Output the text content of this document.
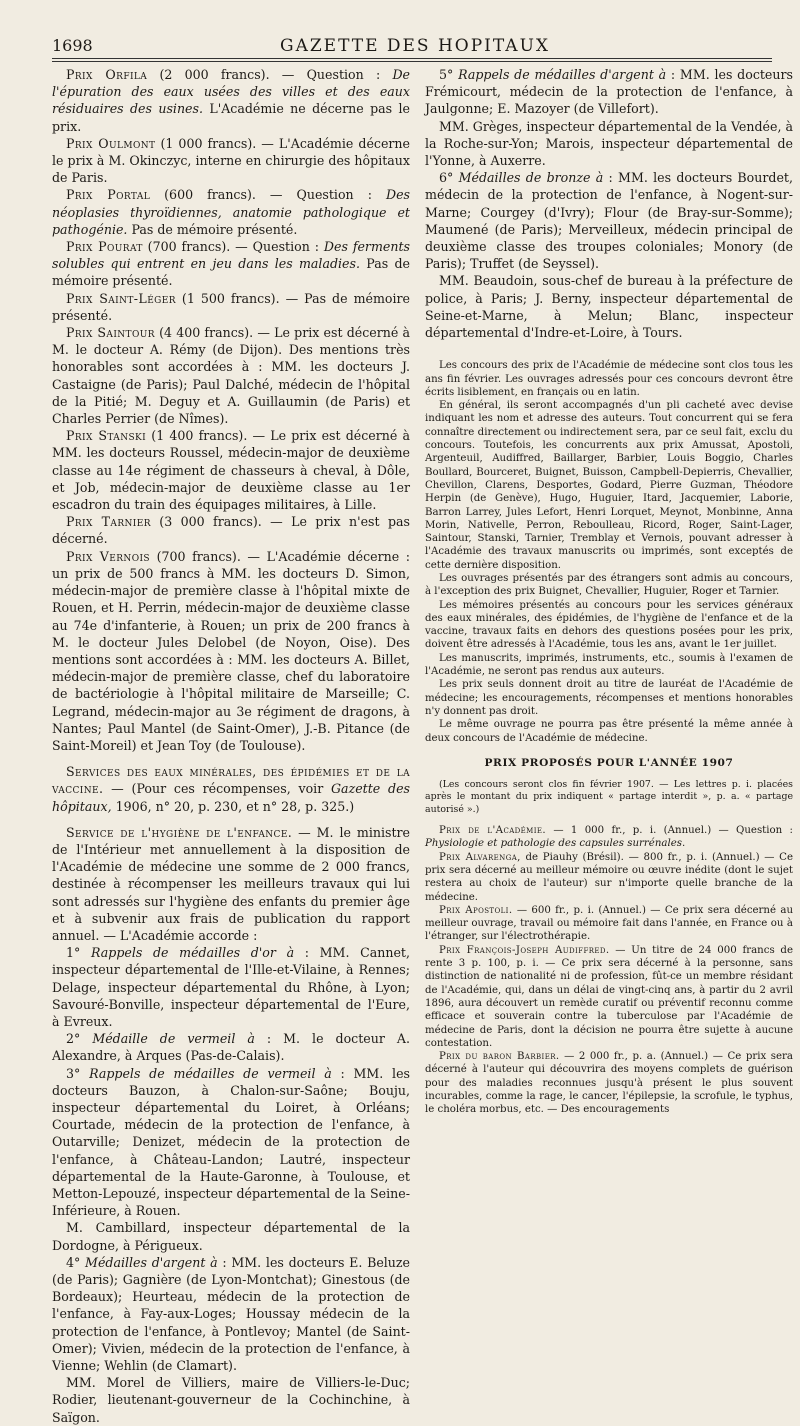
1698	GAZETTE DES HOPITAUX

Prix Orfila (2 000 francs). — Question : De l'épuration des eaux usées des villes et des eaux résiduaires des usines. L'Académie ne décerne pas le prix.

Prix Oulmont (1 000 francs). — L'Académie décerne le prix à M. Okinczyc, interne en chirurgie des hôpitaux de Paris.

Prix Portal (600 francs). — Question : Des néoplasies thyroïdiennes, anatomie pathologique et pathogénie. Pas de mémoire présenté.

Prix Pourat (700 francs). — Question : Des ferments solubles qui entrent en jeu dans les maladies. Pas de mémoire présenté.

Prix Saint-Léger (1 500 francs). — Pas de mémoire présenté.

Prix Saintour (4 400 francs). — Le prix est décerné à M. le docteur A. Rémy (de Dijon). Des mentions très honorables sont accordées à : MM. les docteurs J. Castaigne (de Paris); Paul Dalché, médecin de l'hôpital de la Pitié; M. Deguy et A. Guillaumin (de Paris) et Charles Perrier (de Nîmes).

Prix Stanski (1 400 francs). — Le prix est décerné à MM. les docteurs Roussel, médecin-major de deuxième classe au 14e régiment de chasseurs à cheval, à Dôle, et Job, médecin-major de deuxième classe au 1er escadron du train des équipages militaires, à Lille.

Prix Tarnier (3 000 francs). — Le prix n'est pas décerné.

Prix Vernois (700 francs). — L'Académie décerne : un prix de 500 francs à MM. les docteurs D. Simon, médecin-major de première classe à l'hôpital mixte de Rouen, et H. Perrin, médecin-major de deuxième classe au 74e d'infanterie, à Rouen; un prix de 200 francs à M. le docteur Jules Delobel (de Noyon, Oise). Des mentions sont accordées à : MM. les docteurs A. Billet, médecin-major de première classe, chef du laboratoire de bactériologie à l'hôpital militaire de Marseille; C. Legrand, médecin-major au 3e régiment de dragons, à Nantes; Paul Mantel (de Saint-Omer), J.-B. Pitance (de Saint-Moreil) et Jean Toy (de Toulouse).

Services des eaux minérales, des épidémies et de la vaccine. — (Pour ces récompenses, voir Gazette des hôpitaux, 1906, n° 20, p. 230, et n° 28, p. 325.)

Service de l'hygiène de l'enfance. — M. le ministre de l'Intérieur met annuellement à la disposition de l'Académie de médecine une somme de 2 000 francs, destinée à récompenser les meilleurs travaux qui lui sont adressés sur l'hygiène des enfants du premier âge et à subvenir aux frais de publication du rapport annuel. — L'Académie accorde :

1° Rappels de médailles d'or à : MM. Cannet, inspecteur départemental de l'Ille-et-Vilaine, à Rennes; Delage, inspecteur départemental du Rhône, à Lyon; Savouré-Bonville, inspecteur départemental de l'Eure, à Evreux.

2° Médaille de vermeil à : M. le docteur A. Alexandre, à Arques (Pas-de-Calais).

3° Rappels de médailles de vermeil à : MM. les docteurs Bauzon, à Chalon-sur-Saône; Bouju, inspecteur départemental du Loiret, à Orléans; Courtade, médecin de la protection de l'enfance, à Outarville; Denizet, médecin de la protection de l'enfance, à Château-Landon; Lautré, inspecteur départemental de la Haute-Garonne, à Toulouse, et Metton-Lepouzé, inspecteur départemental de la Seine-Inférieure, à Rouen.

M. Cambillard, inspecteur départemental de la Dordogne, à Périgueux.

4° Médailles d'argent à : MM. les docteurs E. Beluze (de Paris); Gagnière (de Lyon-Montchat); Ginestous (de Bordeaux); Heurteau, médecin de la protection de l'enfance, à Fay-aux-Loges; Houssay médecin de la protection de l'enfance, à Pontlevoy; Mantel (de Saint-Omer); Vivien, médecin de la protection de l'enfance, à Vienne; Wehlin (de Clamart).

MM. Morel de Villiers, maire de Villiers-le-Duc; Rodier, lieutenant-gouverneur de la Cochinchine, à Saïgon.

5° Rappels de médailles d'argent à : MM. les docteurs Frémicourt, médecin de la protection de l'enfance, à Jaulgonne; E. Mazoyer (de Villefort).

MM. Grèges, inspecteur départemental de la Vendée, à la Roche-sur-Yon; Marois, inspecteur départemental de l'Yonne, à Auxerre.

6° Médailles de bronze à : MM. les docteurs Bourdet, médecin de la protection de l'enfance, à Nogent-sur-Marne; Courgey (d'Ivry); Flour (de Bray-sur-Somme); Maumené (de Paris); Merveilleux, médecin principal de deuxième classe des troupes coloniales; Monory (de Paris); Truffet (de Seyssel).

MM. Beaudoin, sous-chef de bureau à la préfecture de police, à Paris; J. Berny, inspecteur départemental de Seine-et-Marne, à Melun; Blanc, inspecteur départemental d'Indre-et-Loire, à Tours.

Les concours des prix de l'Académie de médecine sont clos tous les ans fin février. Les ouvrages adressés pour ces concours devront être écrits lisiblement, en français ou en latin.

En général, ils seront accompagnés d'un pli cacheté avec devise indiquant les nom et adresse des auteurs. Tout concurrent qui se fera connaître directement ou indirectement sera, par ce seul fait, exclu du concours. Toutefois, les concurrents aux prix Amussat, Apostoli, Argenteuil, Audiffred, Baillarger, Barbier, Louis Boggio, Charles Boullard, Bourceret, Buignet, Buisson, Campbell-Depierris, Chevallier, Chevillon, Clarens, Desportes, Godard, Pierre Guzman, Théodore Herpin (de Genève), Hugo, Huguier, Itard, Jacquemier, Laborie, Barron Larrey, Jules Lefort, Henri Lorquet, Meynot, Monbinne, Anna Morin, Nativelle, Perron, Reboulleau, Ricord, Roger, Saint-Lager, Saintour, Stanski, Tarnier, Tremblay et Vernois, pouvant adresser à l'Académie des travaux manuscrits ou imprimés, sont exceptés de cette dernière disposition.

Les ouvrages présentés par des étrangers sont admis au concours, à l'exception des prix Buignet, Chevallier, Huguier, Roger et Tarnier.

Les mémoires présentés au concours pour les services généraux des eaux minérales, des épidémies, de l'hygiène de l'enfance et de la vaccine, travaux faits en dehors des questions posées pour les prix, doivent être adressés à l'Académie, tous les ans, avant le 1er juillet.

Les manuscrits, imprimés, instruments, etc., soumis à l'examen de l'Académie, ne seront pas rendus aux auteurs.

Les prix seuls donnent droit au titre de lauréat de l'Académie de médecine; les encouragements, récompenses et mentions honorables n'y donnent pas droit.

Le même ouvrage ne pourra pas être présenté la même année à deux concours de l'Académie de médecine.

PRIX PROPOSÉS POUR L'ANNÉE 1907

(Les concours seront clos fin février 1907. — Les lettres p. i. placées après le montant du prix indiquent « partage interdit », p. a. « partage autorisé ».)

Prix de l'Académie. — 1 000 fr., p. i. (Annuel.) — Question : Physiologie et pathologie des capsules surrénales.

Prix Alvarenga, de Piauhy (Brésil). — 800 fr., p. i. (Annuel.) — Ce prix sera décerné au meilleur mémoire ou œuvre inédite (dont le sujet restera au choix de l'auteur) sur n'importe quelle branche de la médecine.

Prix Apostoli. — 600 fr., p. i. (Annuel.) — Ce prix sera décerné au meilleur ouvrage, travail ou mémoire fait dans l'année, en France ou à l'étranger, sur l'électrothérapie.

Prix François-Joseph Audiffred. — Un titre de 24 000 francs de rente 3 p. 100, p. i. — Ce prix sera décerné à la personne, sans distinction de nationalité ni de profession, fût-ce un membre résidant de l'Académie, qui, dans un délai de vingt-cinq ans, à partir du 2 avril 1896, aura découvert un remède curatif ou préventif reconnu comme efficace et souverain contre la tuberculose par l'Académie de médecine de Paris, dont la décision ne pourra être sujette à aucune contestation.

Prix du baron Barbier. — 2 000 fr., p. a. (Annuel.) — Ce prix sera décerné à l'auteur qui découvrira des moyens complets de guérison pour des maladies reconnues jusqu'à présent le plus souvent incurables, comme la rage, le cancer, l'épilepsie, la scrofule, le typhus, le choléra morbus, etc. — Des encouragements
